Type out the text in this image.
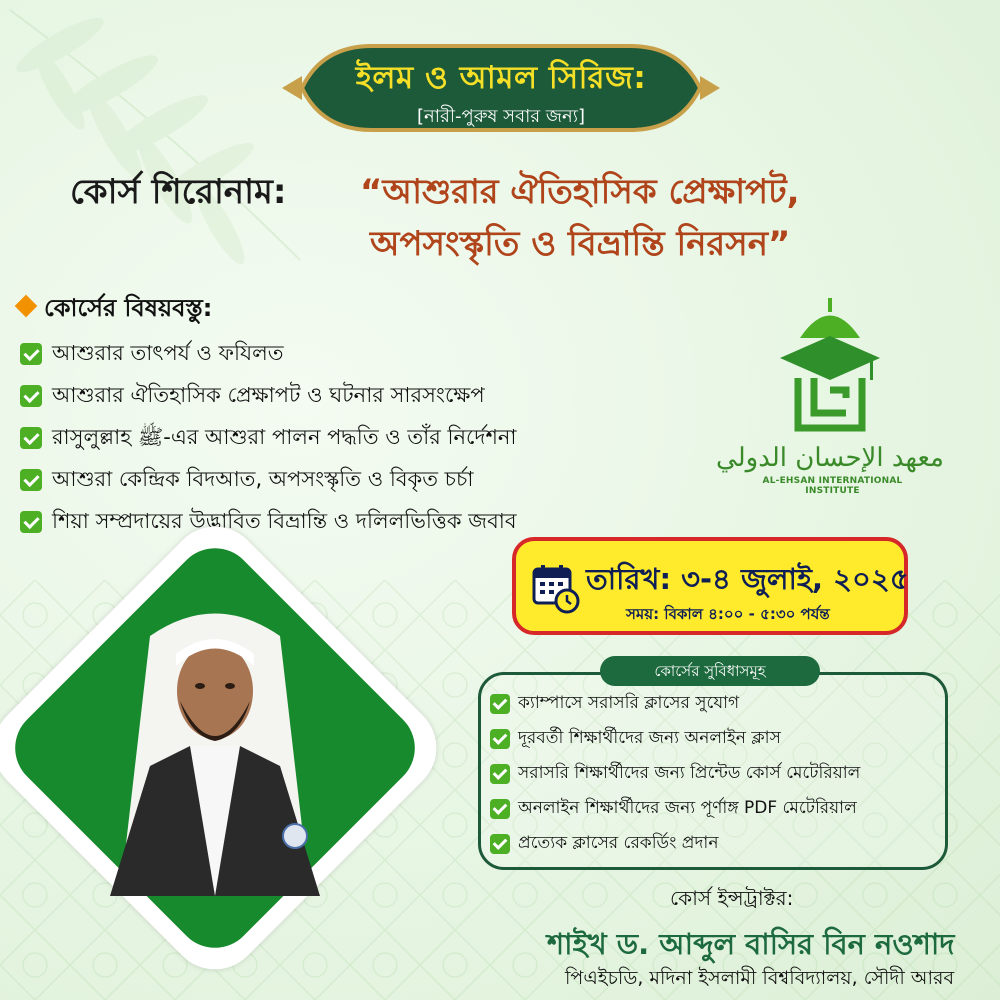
ইলম ও আমল সিরিজ:
[নারী-পুরুষ সবার জন্য]
কোর্স শিরোনাম: “আশুরার ঐতিহাসিক প্রেক্ষাপট,
অপসংস্কৃতি ও বিভ্রান্তি নিরসন”
কোর্সের বিষয়বস্তু:
আশুরার তাৎপর্য ও ফযিলত
আশুরার ঐতিহাসিক প্রেক্ষাপট ও ঘটনার সারসংক্ষেপ
রাসুলুল্লাহ ﷺ-এর আশুরা পালন পদ্ধতি ও তাঁর নির্দেশনা
আশুরা কেন্দ্রিক বিদআত, অপসংস্কৃতি ও বিকৃত চর্চা
শিয়া সম্প্রদায়ের উদ্ভাবিত বিভ্রান্তি ও দলিলভিত্তিক জবাব
معهد الإحسان الدولي
AL-EHSAN INTERNATIONAL INSTITUTE
তারিখ: ৩-৪ জুলাই, ২০২৫
সময়: বিকাল ৪:০০ - ৫:৩০ পর্যন্ত
কোর্সের সুবিধাসমূহ
ক্যাম্পাসে সরাসরি ক্লাসের সুযোগ
দূরবর্তী শিক্ষার্থীদের জন্য অনলাইন ক্লাস
সরাসরি শিক্ষার্থীদের জন্য প্রিন্টেড কোর্স মেটেরিয়াল
অনলাইন শিক্ষার্থীদের জন্য পূর্ণাঙ্গ PDF মেটেরিয়াল
প্রত্যেক ক্লাসের রেকর্ডিং প্রদান
কোর্স ইন্সট্রাক্টর:
শাইখ ড. আব্দুল বাসির বিন নওশাদ
পিএইচডি, মদিনা ইসলামী বিশ্ববিদ্যালয়, সৌদী আরব
